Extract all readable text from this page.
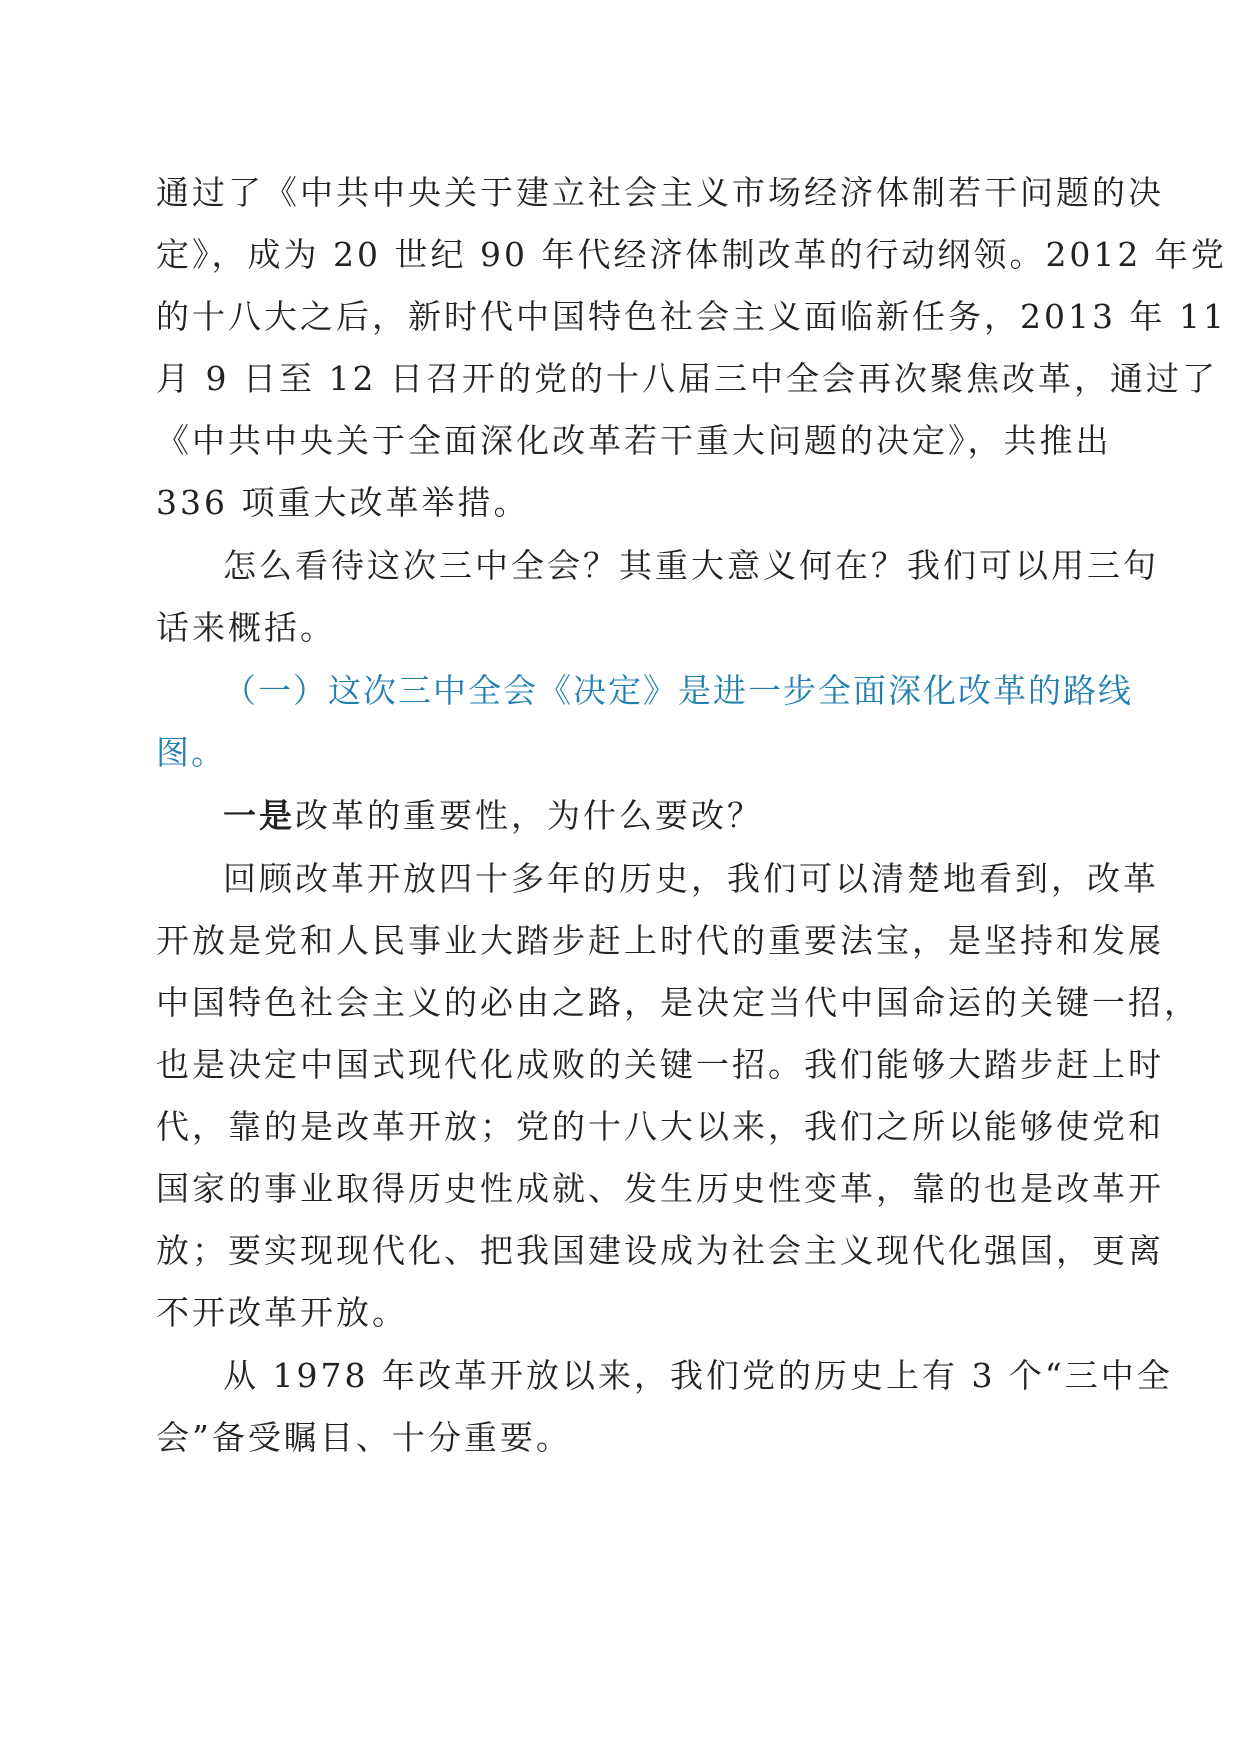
通过了《中共中央关于建立社会主义市场经济体制若干问题的决
定》，成为 20 世纪 90 年代经济体制改革的行动纲领。2012 年党
的十八大之后，新时代中国特色社会主义面临新任务，2013 年 11
月 9 日至 12 日召开的党的十八届三中全会再次聚焦改革，通过了
《中共中央关于全面深化改革若干重大问题的决定》，共推出
336 项重大改革举措。
怎么看待这次三中全会？其重大意义何在？我们可以用三句
话来概括。
（一）这次三中全会《决定》是进一步全面深化改革的路线
图。
一是改革的重要性，为什么要改？
回顾改革开放四十多年的历史，我们可以清楚地看到，改革
开放是党和人民事业大踏步赶上时代的重要法宝，是坚持和发展
中国特色社会主义的必由之路，是决定当代中国命运的关键一招，
也是决定中国式现代化成败的关键一招。我们能够大踏步赶上时
代，靠的是改革开放；党的十八大以来，我们之所以能够使党和
国家的事业取得历史性成就、发生历史性变革，靠的也是改革开
放；要实现现代化、把我国建设成为社会主义现代化强国，更离
不开改革开放。
从 1978 年改革开放以来，我们党的历史上有 3 个“三中全
会”备受瞩目、十分重要。
